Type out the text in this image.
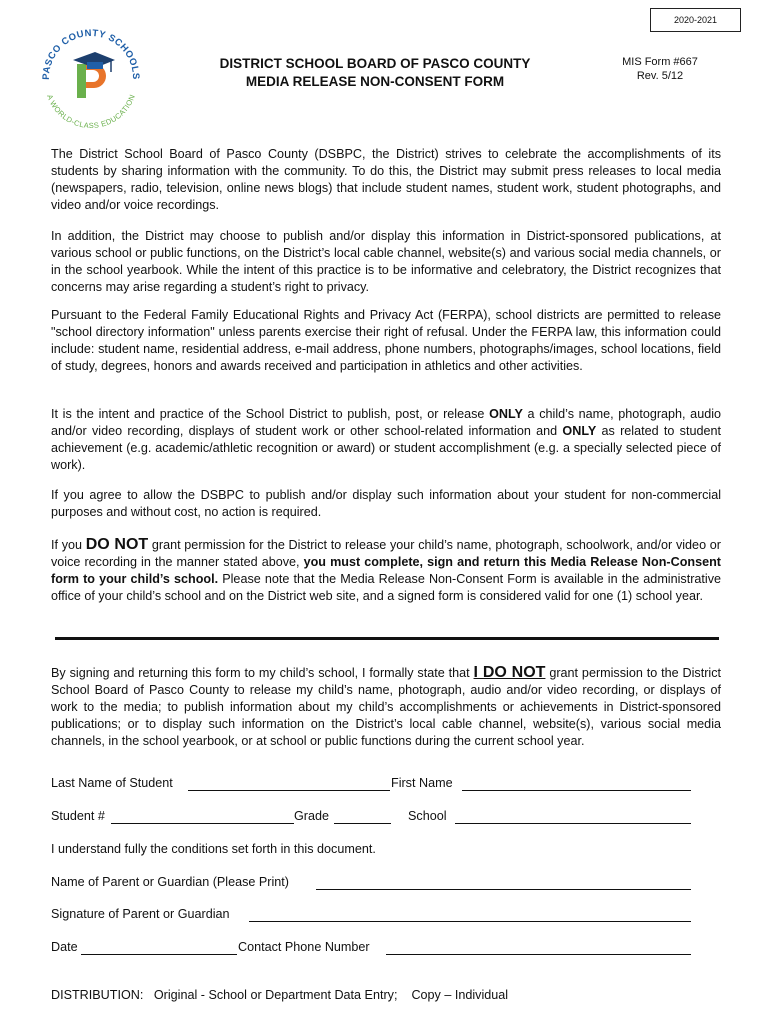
2020-2021
PASCO COUNTY SCHOOLS
A WORLD-CLASS EDUCATION
DISTRICT SCHOOL BOARD OF PASCO COUNTY
MEDIA RELEASE NON-CONSENT FORM
MIS Form #667
Rev. 5/12
The District School Board of Pasco County (DSBPC, the District) strives to celebrate the accomplishments of its students by sharing information with the community. To do this, the District may submit press releases to local media (newspapers, radio, television, online news blogs) that include student names, student work, student photographs, and video and/or voice recordings.
In addition, the District may choose to publish and/or display this information in District-sponsored publications, at various school or public functions, on the District’s local cable channel, website(s) and various social media channels, or in the school yearbook. While the intent of this practice is to be informative and celebratory, the District recognizes that concerns may arise regarding a student’s right to privacy.
Pursuant to the Federal Family Educational Rights and Privacy Act (FERPA), school districts are permitted to release "school directory information" unless parents exercise their right of refusal. Under the FERPA law, this information could include: student name, residential address, e-mail address, phone numbers, photographs/images, school locations, field of study, degrees, honors and awards received and participation in athletics and other activities.
It is the intent and practice of the School District to publish, post, or release ONLY a child’s name, photograph, audio and/or video recording, displays of student work or other school-related information and ONLY as related to student achievement (e.g. academic/athletic recognition or award) or student accomplishment (e.g. a specially selected piece of work).
If you agree to allow the DSBPC to publish and/or display such information about your student for non-commercial purposes and without cost, no action is required.
If you DO NOT grant permission for the District to release your child’s name, photograph, schoolwork, and/or video or voice recording in the manner stated above, you must complete, sign and return this Media Release Non-Consent form to your child’s school. Please note that the Media Release Non-Consent Form is available in the administrative office of your child’s school and on the District web site, and a signed form is considered valid for one (1) school year.
By signing and returning this form to my child’s school, I formally state that I DO NOT grant permission to the District School Board of Pasco County to release my child’s name, photograph, audio and/or video recording, or displays of work to the media; to publish information about my child’s accomplishments or achievements in District-sponsored publications; or to display such information on the District’s local cable channel, website(s), various social media channels, in the school yearbook, or at school or public functions during the current school year.
Last Name of Student	First Name
Student #	Grade	School
I understand fully the conditions set forth in this document.
Name of Parent or Guardian (Please Print)
Signature of Parent or Guardian
Date	Contact Phone Number
DISTRIBUTION: Original - School or Department Data Entry; Copy – Individual
